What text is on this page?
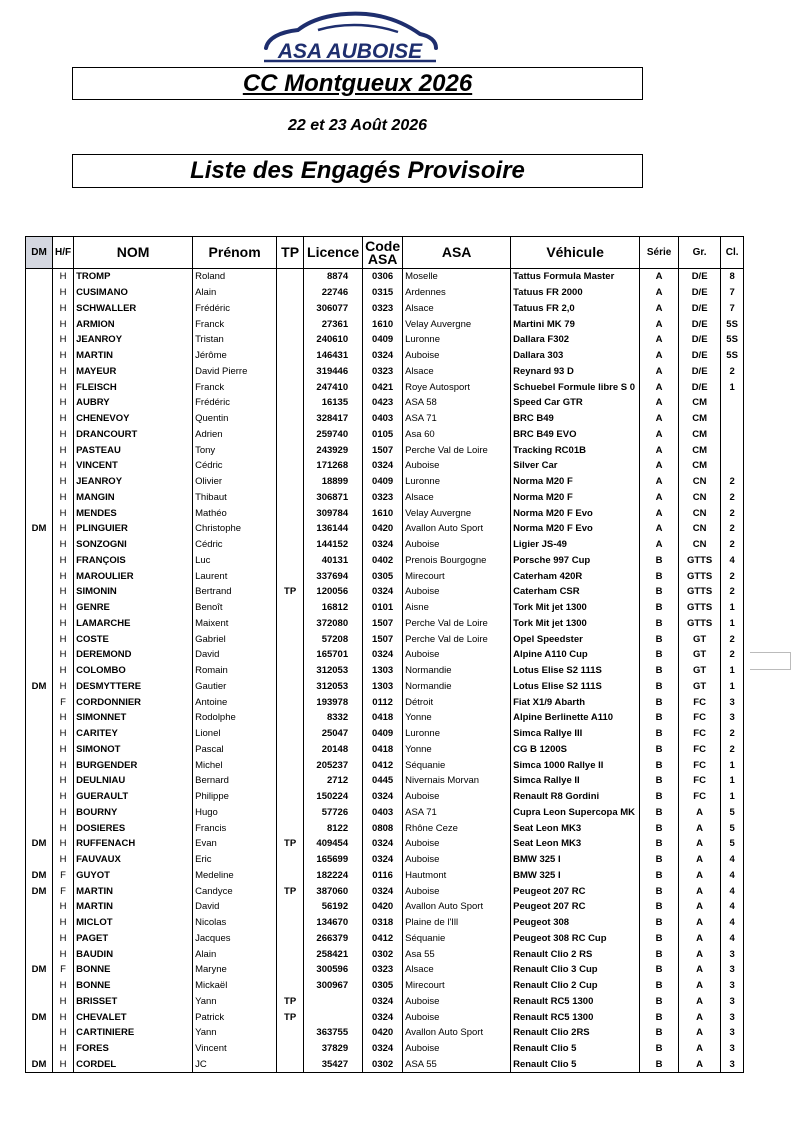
ASA AUBOISE
CC Montgueux 2026
22 et 23 Août 2026
Liste des Engagés Provisoire
DM	H/F	NOM	Prénom	TP	Licence	Code ASA	ASA	Véhicule	Série	Gr.	Cl.
	H	TROMP	Roland		8874	0306	Moselle	Tattus Formula Master	A	D/E	8
	H	CUSIMANO	Alain		22746	0315	Ardennes	Tatuus FR 2000	A	D/E	7
	H	SCHWALLER	Frédéric		306077	0323	Alsace	Tatuus FR 2,0	A	D/E	7
	H	ARMION	Franck		27361	1610	Velay Auvergne	Martini MK 79	A	D/E	5S
	H	JEANROY	Tristan		240610	0409	Luronne	Dallara F302	A	D/E	5S
	H	MARTIN	Jérôme		146431	0324	Auboise	Dallara 303	A	D/E	5S
	H	MAYEUR	David Pierre		319446	0323	Alsace	Reynard 93 D	A	D/E	2
	H	FLEISCH	Franck		247410	0421	Roye Autosport	Schuebel Formule libre S 0	A	D/E	1
	H	AUBRY	Frédéric		16135	0423	ASA 58	Speed Car GTR	A	CM	
	H	CHENEVOY	Quentin		328417	0403	ASA 71	BRC B49	A	CM	
	H	DRANCOURT	Adrien		259740	0105	Asa 60	BRC B49 EVO	A	CM	
	H	PASTEAU	Tony		243929	1507	Perche Val de Loire	Tracking RC01B	A	CM	
	H	VINCENT	Cédric		171268	0324	Auboise	Silver Car	A	CM	
	H	JEANROY	Olivier		18899	0409	Luronne	Norma M20 F	A	CN	2
	H	MANGIN	Thibaut		306871	0323	Alsace	Norma M20 F	A	CN	2
	H	MENDES	Mathéo		309784	1610	Velay Auvergne	Norma M20 F Evo	A	CN	2
DM	H	PLINGUIER	Christophe		136144	0420	Avallon Auto Sport	Norma M20 F Evo	A	CN	2
	H	SONZOGNI	Cédric		144152	0324	Auboise	Ligier JS-49	A	CN	2
	H	FRANÇOIS	Luc		40131	0402	Prenois Bourgogne	Porsche 997 Cup	B	GTTS	4
	H	MAROULIER	Laurent		337694	0305	Mirecourt	Caterham 420R	B	GTTS	2
	H	SIMONIN	Bertrand	TP	120056	0324	Auboise	Caterham CSR	B	GTTS	2
	H	GENRE	Benoît		16812	0101	Aisne	Tork Mit jet 1300	B	GTTS	1
	H	LAMARCHE	Maixent		372080	1507	Perche Val de Loire	Tork Mit jet 1300	B	GTTS	1
	H	COSTE	Gabriel		57208	1507	Perche Val de Loire	Opel Speedster	B	GT	2
	H	DEREMOND	David		165701	0324	Auboise	Alpine A110 Cup	B	GT	2
	H	COLOMBO	Romain		312053	1303	Normandie	Lotus Elise S2 111S	B	GT	1
DM	H	DESMYTTERE	Gautier		312053	1303	Normandie	Lotus Elise S2 111S	B	GT	1
	F	CORDONNIER	Antoine		193978	0112	Détroit	Fiat X1/9 Abarth	B	FC	3
	H	SIMONNET	Rodolphe		8332	0418	Yonne	Alpine Berlinette A110	B	FC	3
	H	CARITEY	Lionel		25047	0409	Luronne	Simca Rallye III	B	FC	2
	H	SIMONOT	Pascal		20148	0418	Yonne	CG B 1200S	B	FC	2
	H	BURGENDER	Michel		205237	0412	Séquanie	Simca 1000 Rallye II	B	FC	1
	H	DEULNIAU	Bernard		2712	0445	Nivernais Morvan	Simca Rallye II	B	FC	1
	H	GUERAULT	Philippe		150224	0324	Auboise	Renault R8 Gordini	B	FC	1
	H	BOURNY	Hugo		57726	0403	ASA 71	Cupra Leon Supercopa MK	B	A	5
	H	DOSIERES	Francis		8122	0808	Rhône Ceze	Seat Leon MK3	B	A	5
DM	H	RUFFENACH	Evan	TP	409454	0324	Auboise	Seat Leon MK3	B	A	5
	H	FAUVAUX	Eric		165699	0324	Auboise	BMW 325 I	B	A	4
DM	F	GUYOT	Medeline		182224	0116	Hautmont	BMW 325 I	B	A	4
DM	F	MARTIN	Candyce	TP	387060	0324	Auboise	Peugeot 207 RC	B	A	4
	H	MARTIN	David		56192	0420	Avallon Auto Sport	Peugeot 207 RC	B	A	4
	H	MICLOT	Nicolas		134670	0318	Plaine de l'Ill	Peugeot 308	B	A	4
	H	PAGET	Jacques		266379	0412	Séquanie	Peugeot 308 RC Cup	B	A	4
	H	BAUDIN	Alain		258421	0302	Asa 55	Renault Clio 2 RS	B	A	3
DM	F	BONNE	Maryne		300596	0323	Alsace	Renault Clio 3 Cup	B	A	3
	H	BONNE	Mickaël		300967	0305	Mirecourt	Renault Clio 2 Cup	B	A	3
	H	BRISSET	Yann	TP		0324	Auboise	Renault RC5 1300	B	A	3
DM	H	CHEVALET	Patrick	TP		0324	Auboise	Renault RC5 1300	B	A	3
	H	CARTINIERE	Yann		363755	0420	Avallon Auto Sport	Renault Clio 2RS	B	A	3
	H	FORES	Vincent		37829	0324	Auboise	Renault Clio 5	B	A	3
DM	H	CORDEL	JC		35427	0302	ASA 55	Renault Clio 5	B	A	3
